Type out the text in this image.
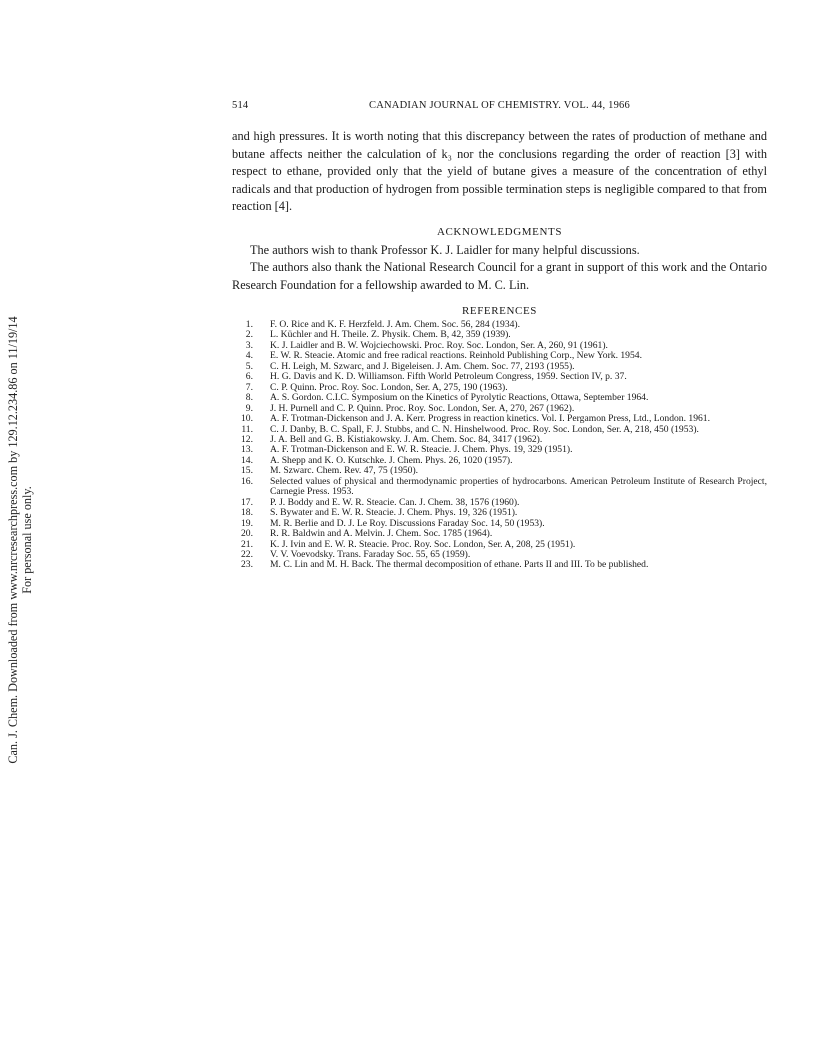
Can. J. Chem. Downloaded from www.nrcresearchpress.com by 129.12.234.86 on 11/19/14 For personal use only.
514	CANADIAN JOURNAL OF CHEMISTRY. VOL. 44, 1966

and high pressures. It is worth noting that this discrepancy between the rates of production of methane and butane affects neither the calculation of k₃ nor the conclusions regarding the order of reaction [3] with respect to ethane, provided only that the yield of butane gives a measure of the concentration of ethyl radicals and that production of hydrogen from possible termination steps is negligible compared to that from reaction [4].

ACKNOWLEDGMENTS

The authors wish to thank Professor K. J. Laidler for many helpful discussions.

The authors also thank the National Research Council for a grant in support of this work and the Ontario Research Foundation for a fellowship awarded to M. C. Lin.

REFERENCES
1. F. O. Rice and K. F. Herzfeld. J. Am. Chem. Soc. 56, 284 (1934).
2. L. Küchler and H. Theile. Z. Physik. Chem. B, 42, 359 (1939).
3. K. J. Laidler and B. W. Wojciechowski. Proc. Roy. Soc. London, Ser. A, 260, 91 (1961).
4. E. W. R. Steacie. Atomic and free radical reactions. Reinhold Publishing Corp., New York. 1954.
5. C. H. Leigh, M. Szwarc, and J. Bigeleisen. J. Am. Chem. Soc. 77, 2193 (1955).
6. H. G. Davis and K. D. Williamson. Fifth World Petroleum Congress, 1959. Section IV, p. 37.
7. C. P. Quinn. Proc. Roy. Soc. London, Ser. A, 275, 190 (1963).
8. A. S. Gordon. C.I.C. Symposium on the Kinetics of Pyrolytic Reactions, Ottawa, September 1964.
9. J. H. Purnell and C. P. Quinn. Proc. Roy. Soc. London, Ser. A, 270, 267 (1962).
10. A. F. Trotman-Dickenson and J. A. Kerr. Progress in reaction kinetics. Vol. I. Pergamon Press, Ltd., London. 1961.
11. C. J. Danby, B. C. Spall, F. J. Stubbs, and C. N. Hinshelwood. Proc. Roy. Soc. London, Ser. A, 218, 450 (1953).
12. J. A. Bell and G. B. Kistiakowsky. J. Am. Chem. Soc. 84, 3417 (1962).
13. A. F. Trotman-Dickenson and E. W. R. Steacie. J. Chem. Phys. 19, 329 (1951).
14. A. Shepp and K. O. Kutschke. J. Chem. Phys. 26, 1020 (1957).
15. M. Szwarc. Chem. Rev. 47, 75 (1950).
16. Selected values of physical and thermodynamic properties of hydrocarbons. American Petroleum Institute of Research Project, Carnegie Press. 1953.
17. P. J. Boddy and E. W. R. Steacie. Can. J. Chem. 38, 1576 (1960).
18. S. Bywater and E. W. R. Steacie. J. Chem. Phys. 19, 326 (1951).
19. M. R. Berlie and D. J. Le Roy. Discussions Faraday Soc. 14, 50 (1953).
20. R. R. Baldwin and A. Melvin. J. Chem. Soc. 1785 (1964).
21. K. J. Ivin and E. W. R. Steacie. Proc. Roy. Soc. London, Ser. A, 208, 25 (1951).
22. V. V. Voevodsky. Trans. Faraday Soc. 55, 65 (1959).
23. M. C. Lin and M. H. Back. The thermal decomposition of ethane. Parts II and III. To be published.
